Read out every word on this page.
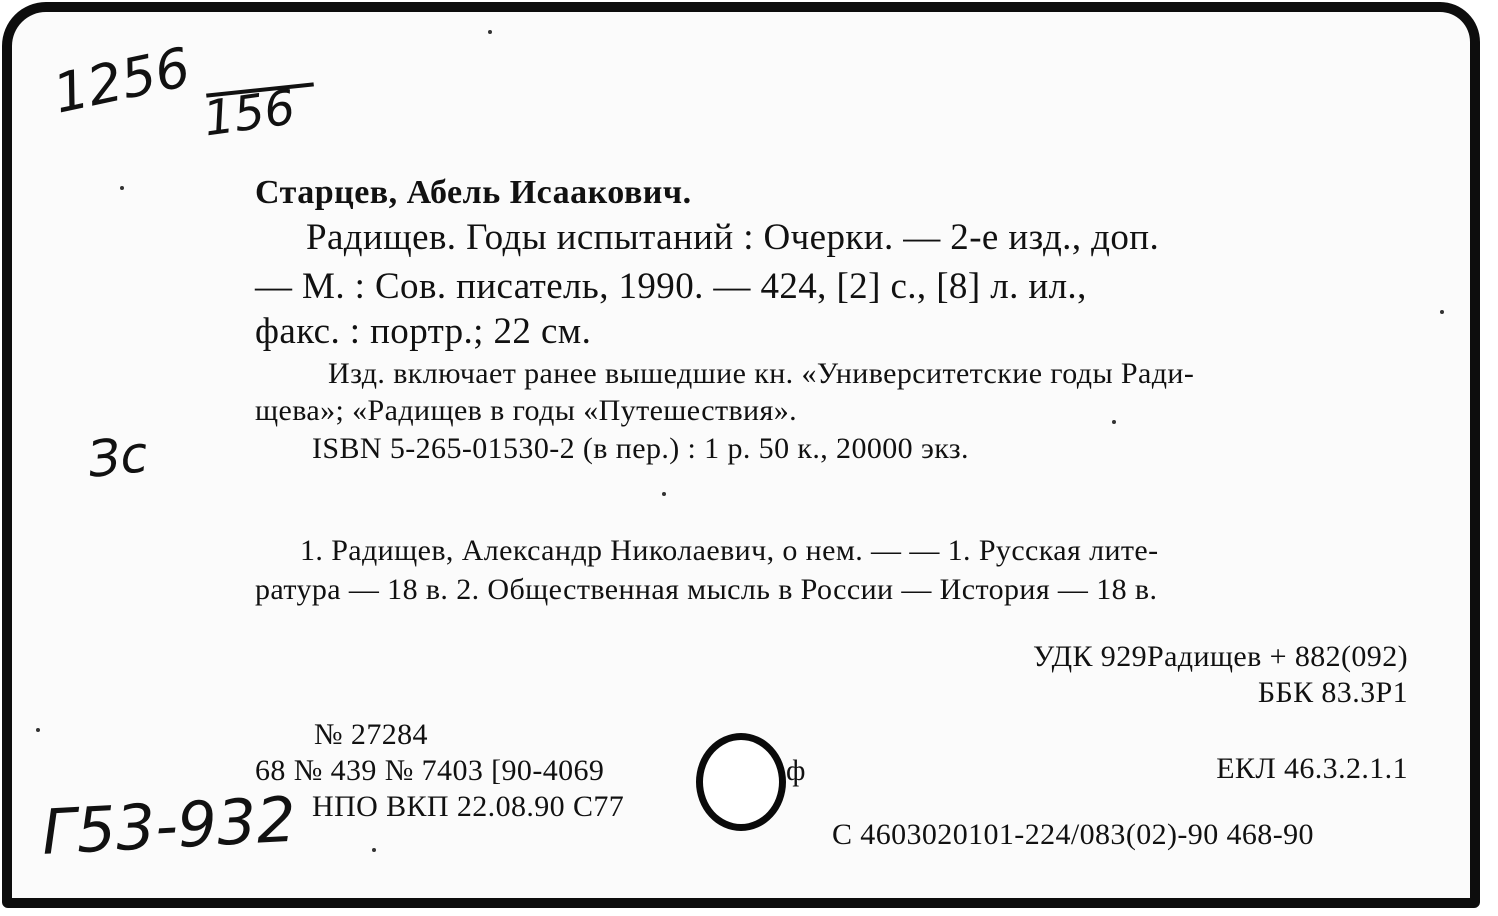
1256 156
Зс
Г53-932
Старцев, Абель Исаакович.
Радищев. Годы испытаний : Очерки. — 2-е изд., доп.
— М. : Сов. писатель, 1990. — 424, [2] с., [8] л. ил.,
факс. : портр.; 22 см.
Изд. включает ранее вышедшие кн. «Университетские годы Ради-
щева»; «Радищев в годы «Путешествия».
ISBN 5-265-01530-2 (в пер.) : 1 р. 50 к., 20000 экз.
1. Радищев, Александр Николаевич, о нем. — — 1. Русская лите-
ратура — 18 в. 2. Общественная мысль в России — История — 18 в.
УДК 929Радищев + 882(092)
ББК 83.3Р1
№ 27284
68 № 439 № 7403 [90-4069	ф
НПО ВКП 22.08.90 С77
ЕКЛ 46.3.2.1.1
С 4603020101-224/083(02)-90 468-90
